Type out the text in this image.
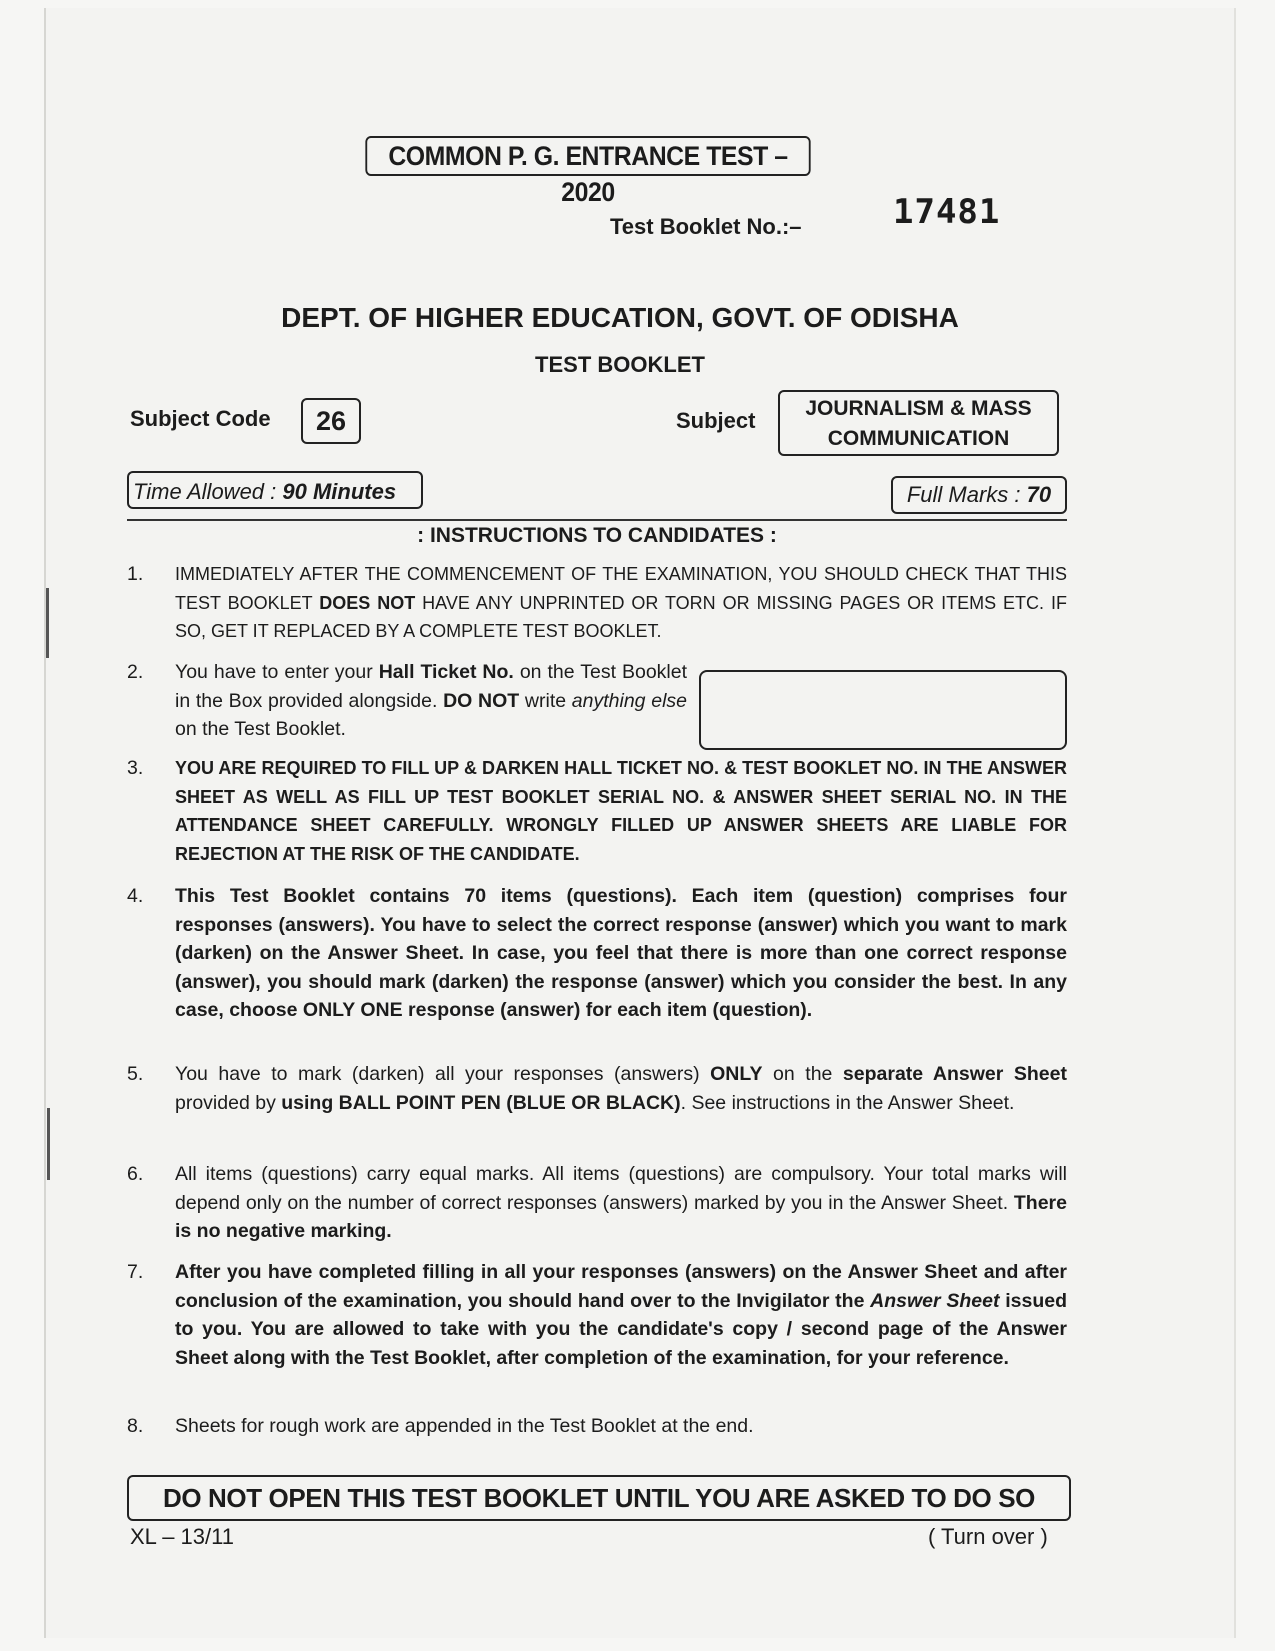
COMMON P. G. ENTRANCE TEST – 2020
Test Booklet No.:–	17481
DEPT. OF HIGHER EDUCATION, GOVT. OF ODISHA
TEST BOOKLET
Subject Code	26	Subject	JOURNALISM & MASS
COMMUNICATION
Time Allowed : 90 Minutes	Full Marks : 70
: INSTRUCTIONS TO CANDIDATES :
1.	IMMEDIATELY AFTER THE COMMENCEMENT OF THE EXAMINATION, YOU SHOULD CHECK THAT THIS TEST BOOKLET DOES NOT HAVE ANY UNPRINTED OR TORN OR MISSING PAGES OR ITEMS ETC. IF SO, GET IT REPLACED BY A COMPLETE TEST BOOKLET.
2.	You have to enter your Hall Ticket No. on the Test Booklet in the Box provided alongside. DO NOT write anything else on the Test Booklet.
3.	YOU ARE REQUIRED TO FILL UP & DARKEN HALL TICKET NO. & TEST BOOKLET NO. IN THE ANSWER SHEET AS WELL AS FILL UP TEST BOOKLET SERIAL NO. & ANSWER SHEET SERIAL NO. IN THE ATTENDANCE SHEET CAREFULLY. WRONGLY FILLED UP ANSWER SHEETS ARE LIABLE FOR REJECTION AT THE RISK OF THE CANDIDATE.
4.	This Test Booklet contains 70 items (questions). Each item (question) comprises four responses (answers). You have to select the correct response (answer) which you want to mark (darken) on the Answer Sheet. In case, you feel that there is more than one correct response (answer), you should mark (darken) the response (answer) which you consider the best. In any case, choose ONLY ONE response (answer) for each item (question).
5.	You have to mark (darken) all your responses (answers) ONLY on the separate Answer Sheet provided by using BALL POINT PEN (BLUE OR BLACK). See instructions in the Answer Sheet.
6.	All items (questions) carry equal marks. All items (questions) are compulsory. Your total marks will depend only on the number of correct responses (answers) marked by you in the Answer Sheet. There is no negative marking.
7.	After you have completed filling in all your responses (answers) on the Answer Sheet and after conclusion of the examination, you should hand over to the Invigilator the Answer Sheet issued to you. You are allowed to take with you the candidate's copy / second page of the Answer Sheet along with the Test Booklet, after completion of the examination, for your reference.
8.	Sheets for rough work are appended in the Test Booklet at the end.
DO NOT OPEN THIS TEST BOOKLET UNTIL YOU ARE ASKED TO DO SO
XL – 13/11	( Turn over )
